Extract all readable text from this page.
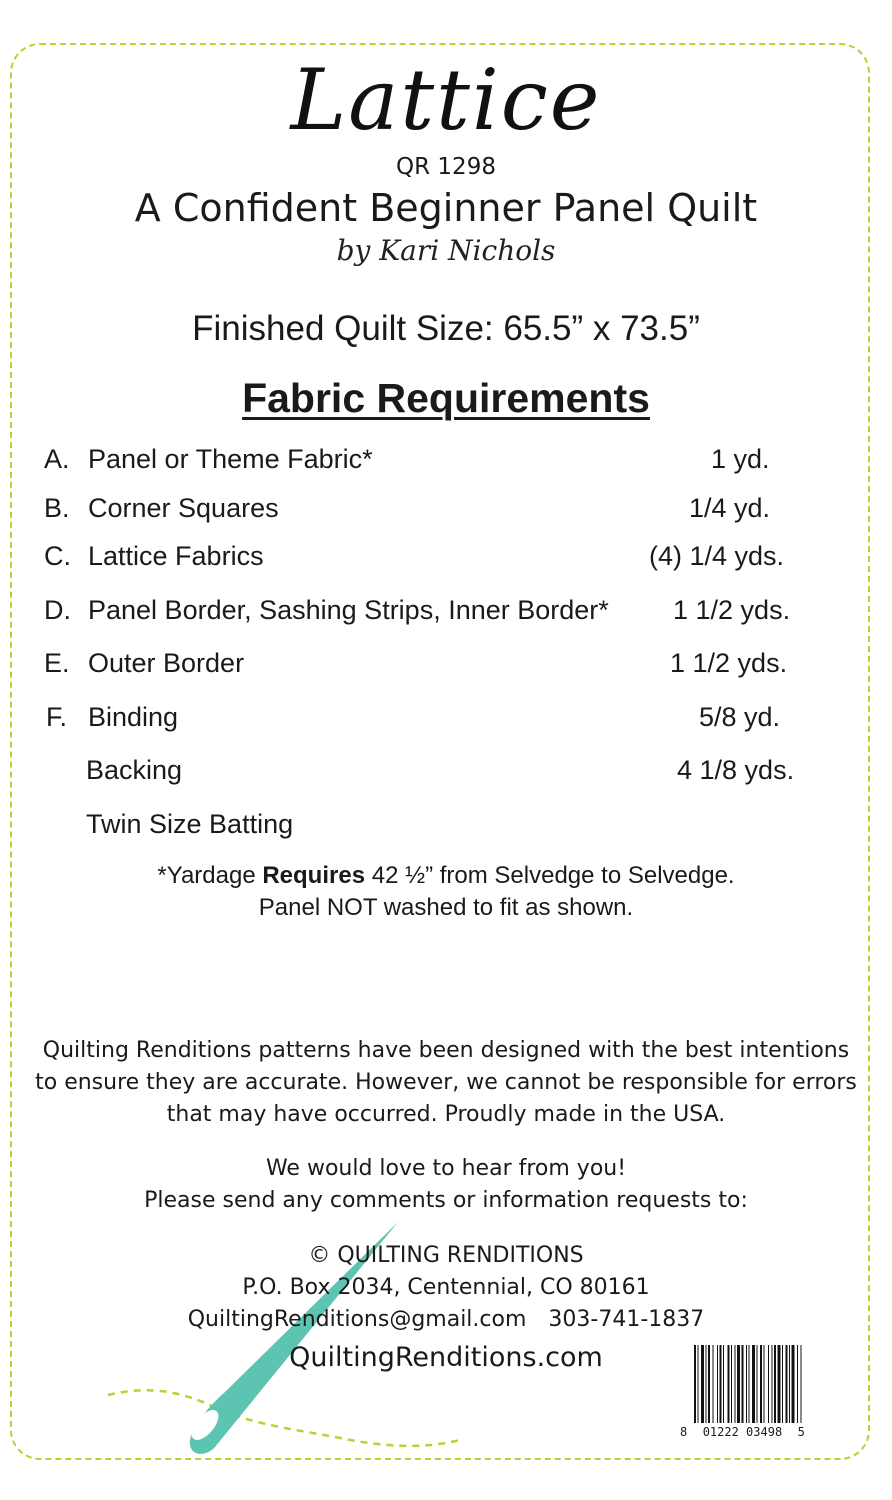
Lattice
QR 1298
A Confident Beginner Panel Quilt
by Kari Nichols
Finished Quilt Size: 65.5” x 73.5”
Fabric Requirements
A. Panel or Theme Fabric*	1 yd.
B. Corner Squares	1/4 yd.
C. Lattice Fabrics	(4) 1/4 yds.
D. Panel Border, Sashing Strips, Inner Border* 1 1/2 yds.
E. Outer Border	1 1/2 yds.
F. Binding	5/8 yd.
Backing	4 1/8 yds.
Twin Size Batting
*Yardage Requires 42 ½” from Selvedge to Selvedge.
Panel NOT washed to fit as shown.
Quilting Renditions patterns have been designed with the best intentions
to ensure they are accurate. However, we cannot be responsible for errors
that may have occurred. Proudly made in the USA.
We would love to hear from you!
Please send any comments or information requests to:
© QUILTING RENDITIONS
P.O. Box 2034, Centennial, CO 80161
QuiltingRenditions@gmail.com 303-741-1837
QuiltingRenditions.com
8 01222 03498 5
